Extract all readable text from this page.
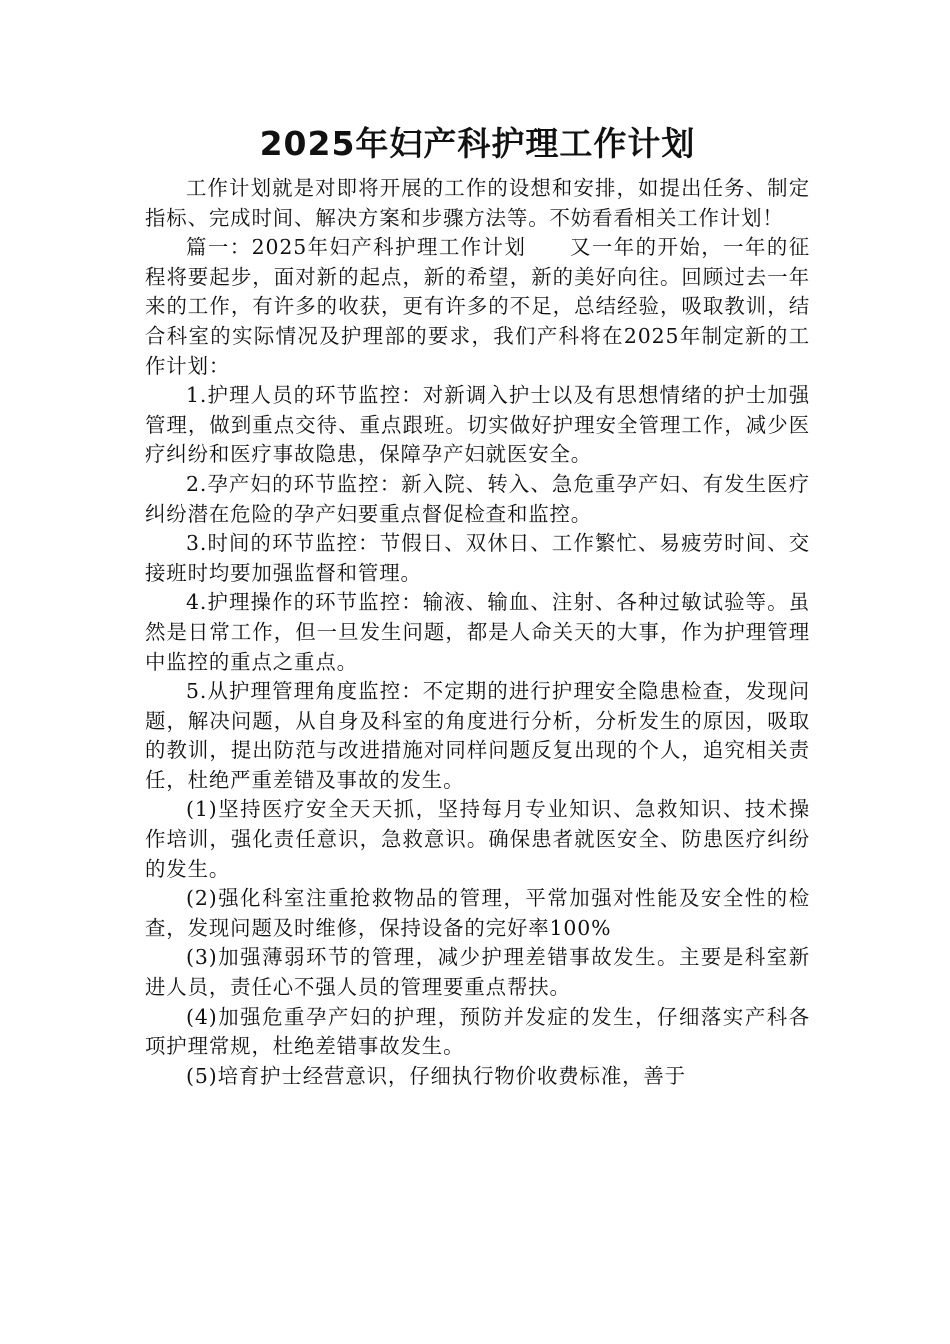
2025年妇产科护理工作计划

工作计划就是对即将开展的工作的设想和安排，如提出任务、制定指标、完成时间、解决方案和步骤方法等。不妨看看相关工作计划！

篇一：2025年妇产科护理工作计划　　又一年的开始，一年的征程将要起步，面对新的起点，新的希望，新的美好向往。回顾过去一年来的工作，有许多的收获，更有许多的不足，总结经验，吸取教训，结合科室的实际情况及护理部的要求，我们产科将在2025年制定新的工作计划：

1.护理人员的环节监控：对新调入护士以及有思想情绪的护士加强管理，做到重点交待、重点跟班。切实做好护理安全管理工作，减少医疗纠纷和医疗事故隐患，保障孕产妇就医安全。

2.孕产妇的环节监控：新入院、转入、急危重孕产妇、有发生医疗纠纷潜在危险的孕产妇要重点督促检查和监控。

3.时间的环节监控：节假日、双休日、工作繁忙、易疲劳时间、交接班时均要加强监督和管理。

4.护理操作的环节监控：输液、输血、注射、各种过敏试验等。虽然是日常工作，但一旦发生问题，都是人命关天的大事，作为护理管理中监控的重点之重点。

5.从护理管理角度监控：不定期的进行护理安全隐患检查，发现问题，解决问题，从自身及科室的角度进行分析，分析发生的原因，吸取的教训，提出防范与改进措施对同样问题反复出现的个人，追究相关责任，杜绝严重差错及事故的发生。

(1)坚持医疗安全天天抓，坚持每月专业知识、急救知识、技术操作培训，强化责任意识，急救意识。确保患者就医安全、防患医疗纠纷的发生。

(2)强化科室注重抢救物品的管理，平常加强对性能及安全性的检查，发现问题及时维修，保持设备的完好率100%

(3)加强薄弱环节的管理，减少护理差错事故发生。主要是科室新进人员，责任心不强人员的管理要重点帮扶。

(4)加强危重孕产妇的护理，预防并发症的发生，仔细落实产科各项护理常规，杜绝差错事故发生。

(5)培育护士经营意识，仔细执行物价收费标准，善于
